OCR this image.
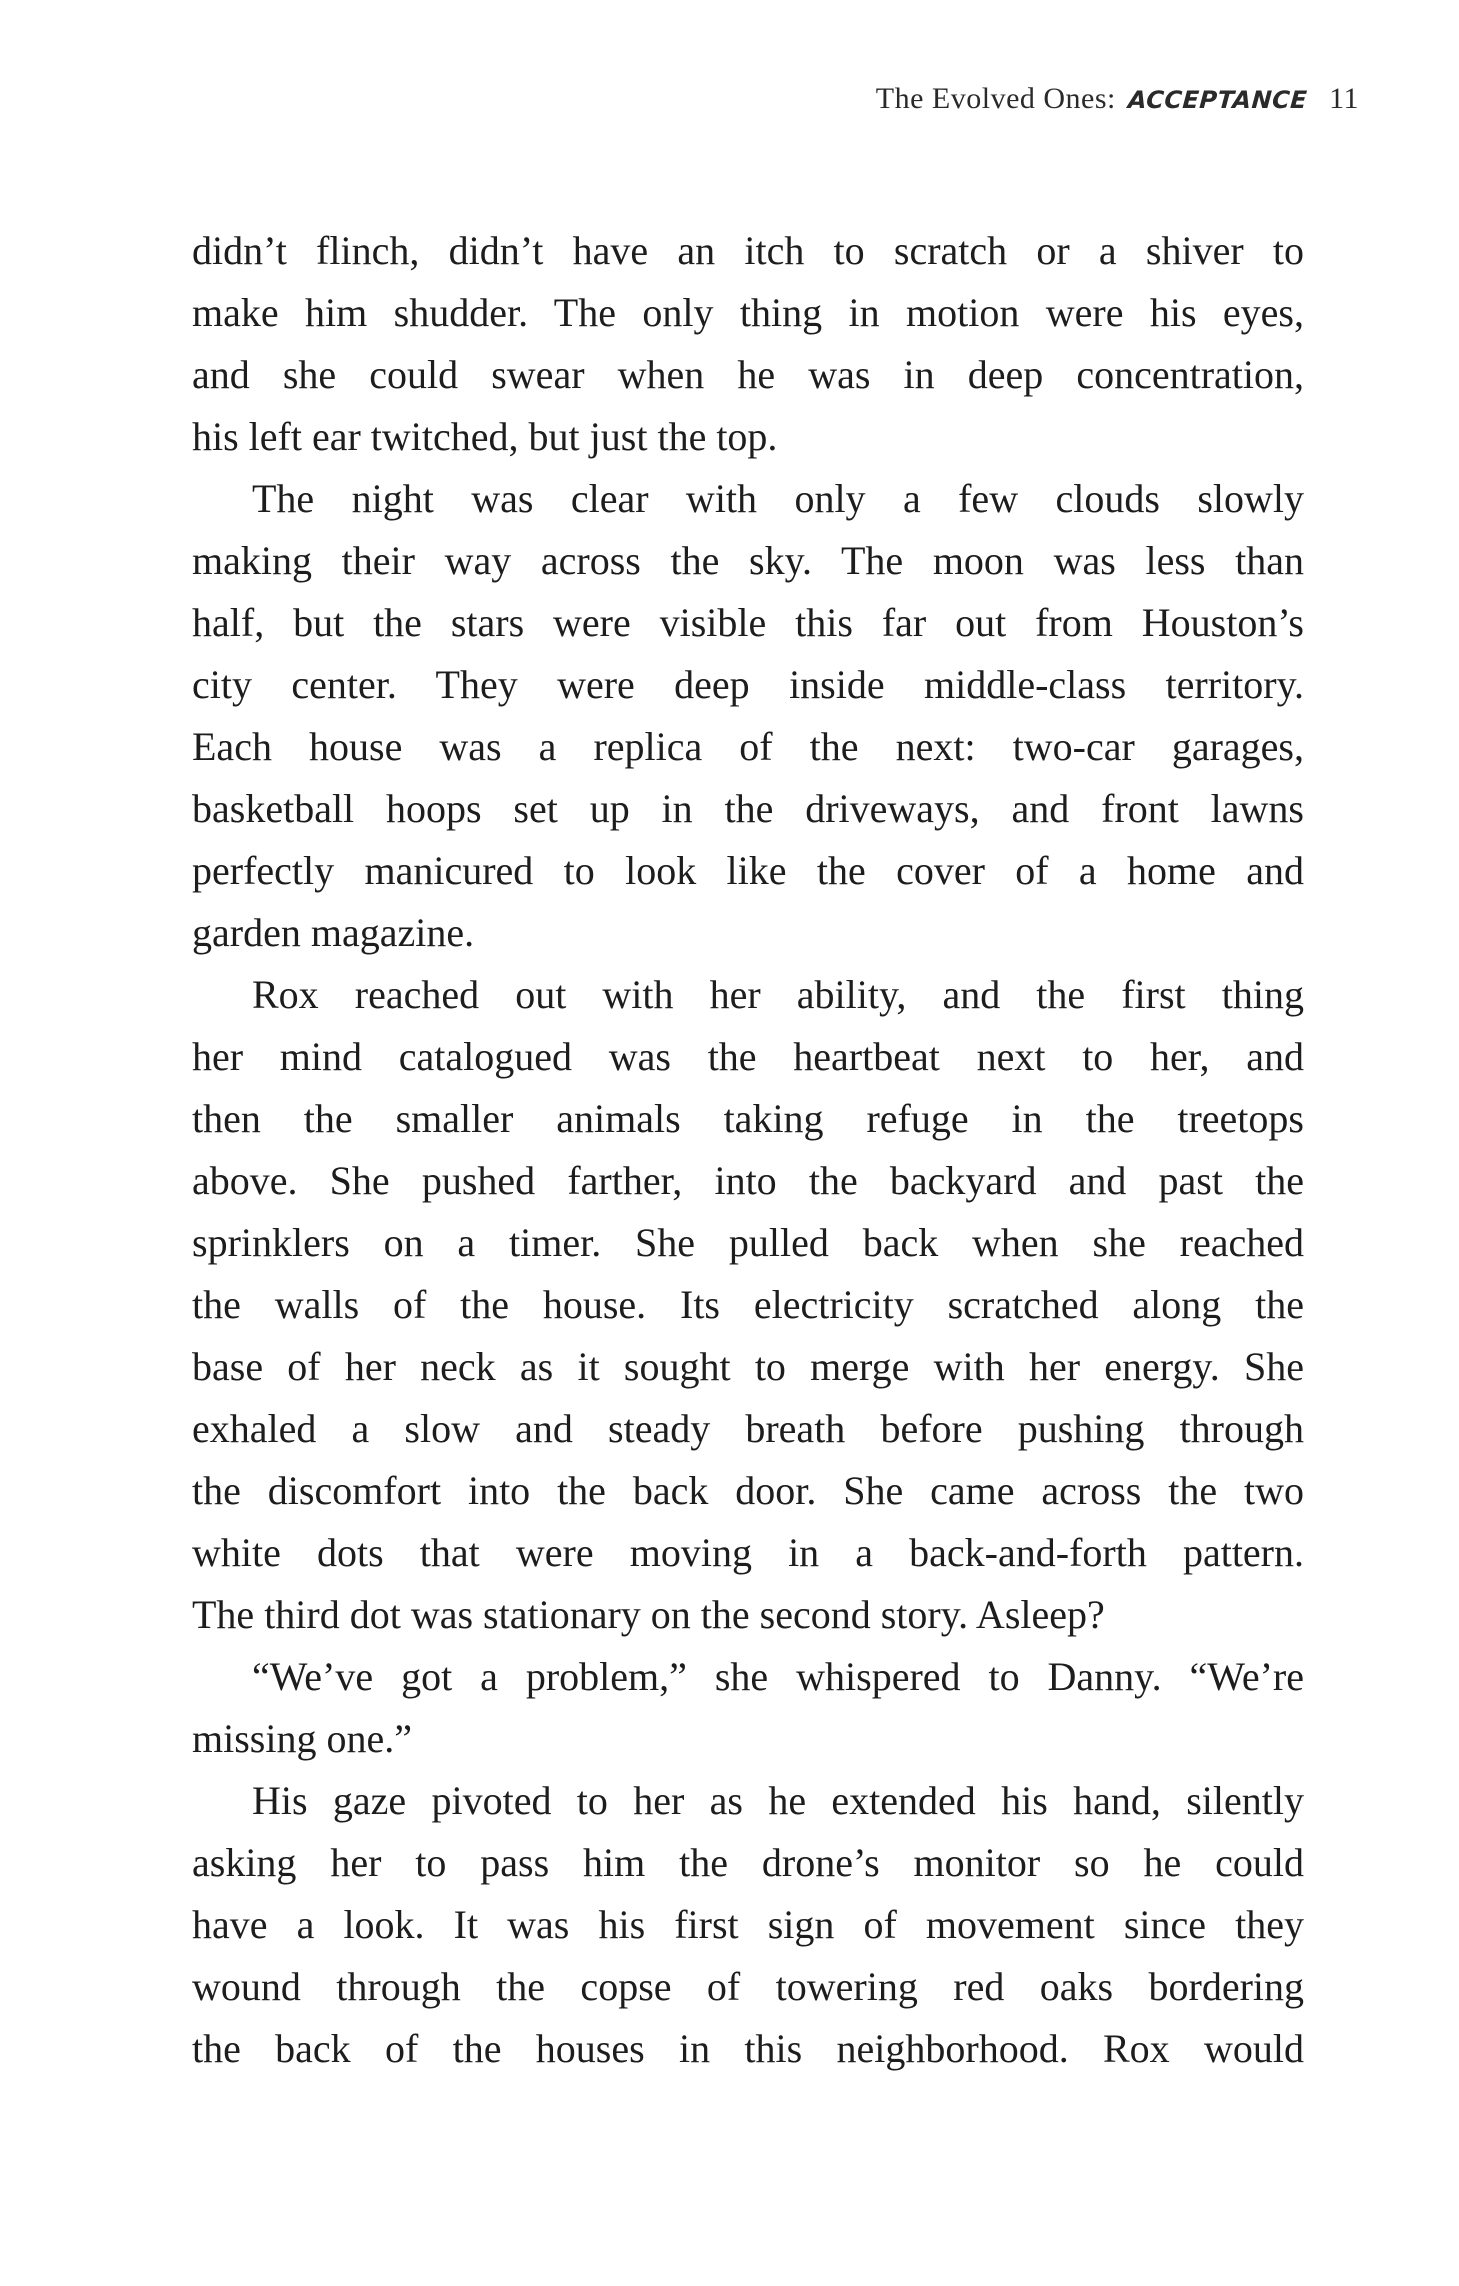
The Evolved Ones: ACCEPTANCE 11
didn’t flinch, didn’t have an itch to scratch or a shiver to
make him shudder. The only thing in motion were his eyes,
and she could swear when he was in deep concentration,
his left ear twitched, but just the top.
The night was clear with only a few clouds slowly
making their way across the sky. The moon was less than
half, but the stars were visible this far out from Houston’s
city center. They were deep inside middle-class territory.
Each house was a replica of the next: two-car garages,
basketball hoops set up in the driveways, and front lawns
perfectly manicured to look like the cover of a home and
garden magazine.
Rox reached out with her ability, and the first thing
her mind catalogued was the heartbeat next to her, and
then the smaller animals taking refuge in the treetops
above. She pushed farther, into the backyard and past the
sprinklers on a timer. She pulled back when she reached
the walls of the house. Its electricity scratched along the
base of her neck as it sought to merge with her energy. She
exhaled a slow and steady breath before pushing through
the discomfort into the back door. She came across the two
white dots that were moving in a back-and-forth pattern.
The third dot was stationary on the second story. Asleep?
“We’ve got a problem,” she whispered to Danny. “We’re
missing one.”
His gaze pivoted to her as he extended his hand, silently
asking her to pass him the drone’s monitor so he could
have a look. It was his first sign of movement since they
wound through the copse of towering red oaks bordering
the back of the houses in this neighborhood. Rox would
